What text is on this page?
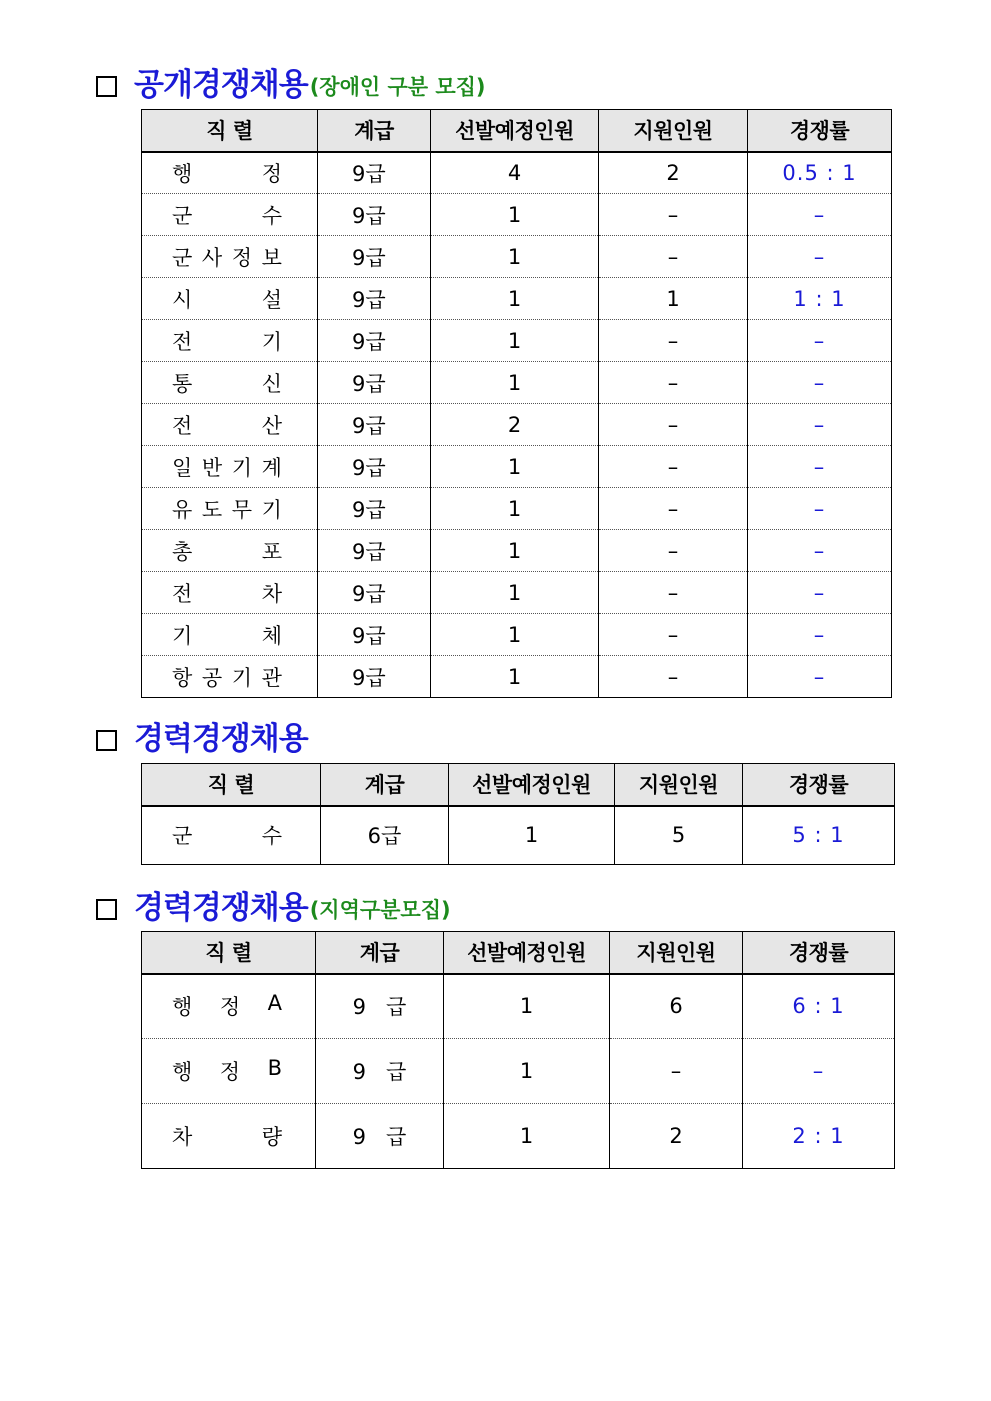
공개경쟁채용 (장애인 구분 모집)
직 렬	계급	선발예정인원	지원인원	경쟁률

행 정	9급	4	2	0.5 : 1

군 수	9급	1	–	–

군 사 정 보	9급	1	–	–

시 설	9급	1	1	1 : 1

전 기	9급	1	–	–

통 신	9급	1	–	–

전 산	9급	2	–	–

일 반 기 계	9급	1	–	–

유 도 무 기	9급	1	–	–

총 포	9급	1	–	–

전 차	9급	1	–	–

기 체	9급	1	–	–

항 공 기 관	9급	1	–	–
경력경쟁채용
직 렬	계급	선발예정인원	지원인원	경쟁률

군 수	6급	1	5	5 : 1
경력경쟁채용 (지역구분모집)
직 렬	계급	선발예정인원	지원인원	경쟁률

행 정 A	9   급	1	6	6 : 1

행 정 B	9   급	1	–	–

차 량	9   급	1	2	2 : 1
